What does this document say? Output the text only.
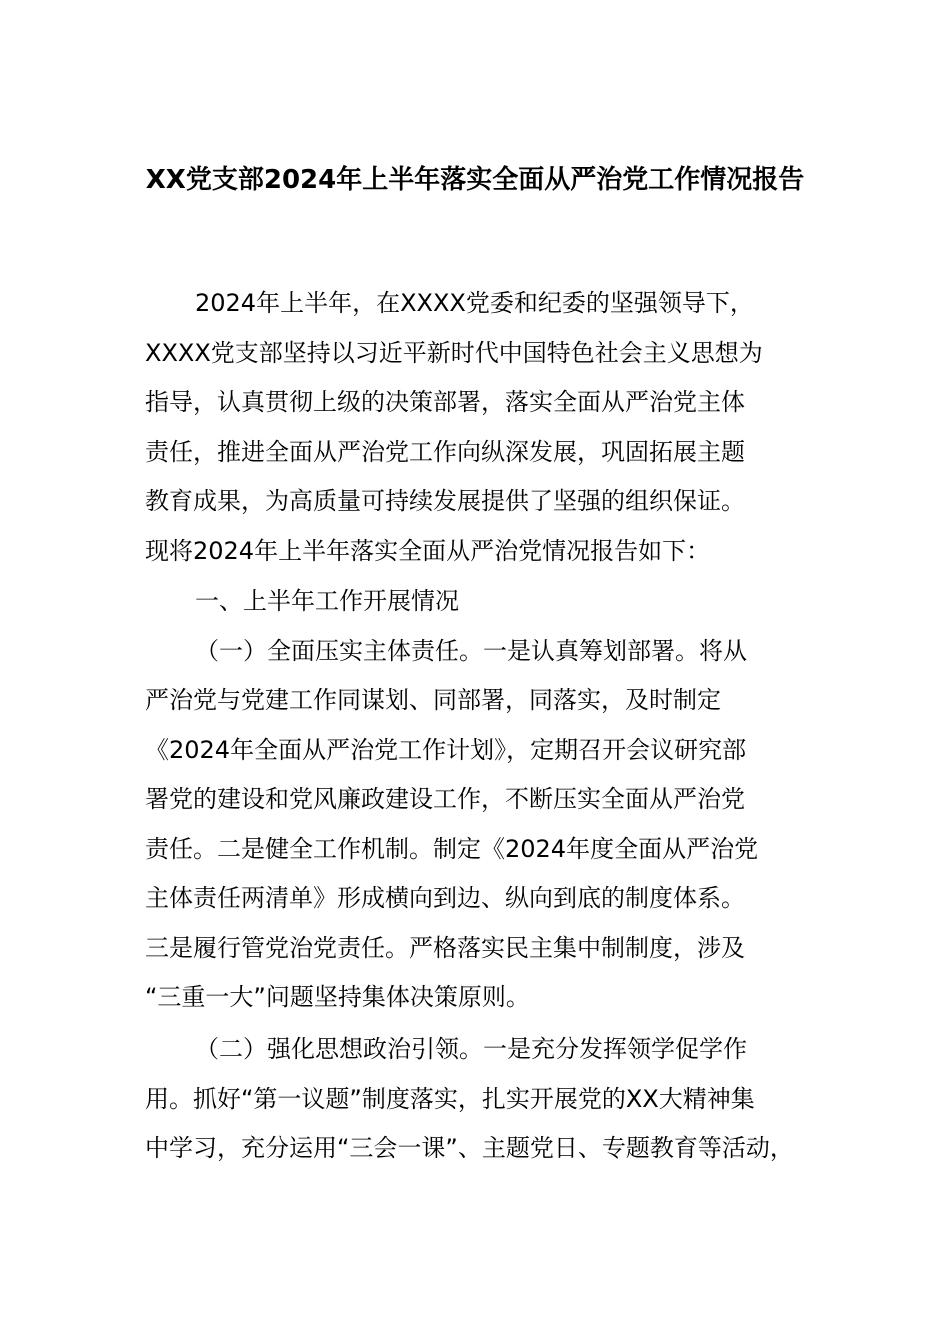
XX党支部2024年上半年落实全面从严治党工作情况报告

2024年上半年，在XXXX党委和纪委的坚强领导下，

XXXX党支部坚持以习近平新时代中国特色社会主义思想为

指导，认真贯彻上级的决策部署，落实全面从严治党主体

责任，推进全面从严治党工作向纵深发展，巩固拓展主题

教育成果，为高质量可持续发展提供了坚强的组织保证。

现将2024年上半年落实全面从严治党情况报告如下：

一、上半年工作开展情况

（一）全面压实主体责任。一是认真筹划部署。将从

严治党与党建工作同谋划、同部署，同落实，及时制定

《2024年全面从严治党工作计划》，定期召开会议研究部

署党的建设和党风廉政建设工作，不断压实全面从严治党

责任。二是健全工作机制。制定《2024年度全面从严治党

主体责任两清单》形成横向到边、纵向到底的制度体系。

三是履行管党治党责任。严格落实民主集中制制度，涉及

“三重一大”问题坚持集体决策原则。

（二）强化思想政治引领。一是充分发挥领学促学作

用。抓好“第一议题”制度落实，扎实开展党的XX大精神集

中学习，充分运用“三会一课”、主题党日、专题教育等活动，
